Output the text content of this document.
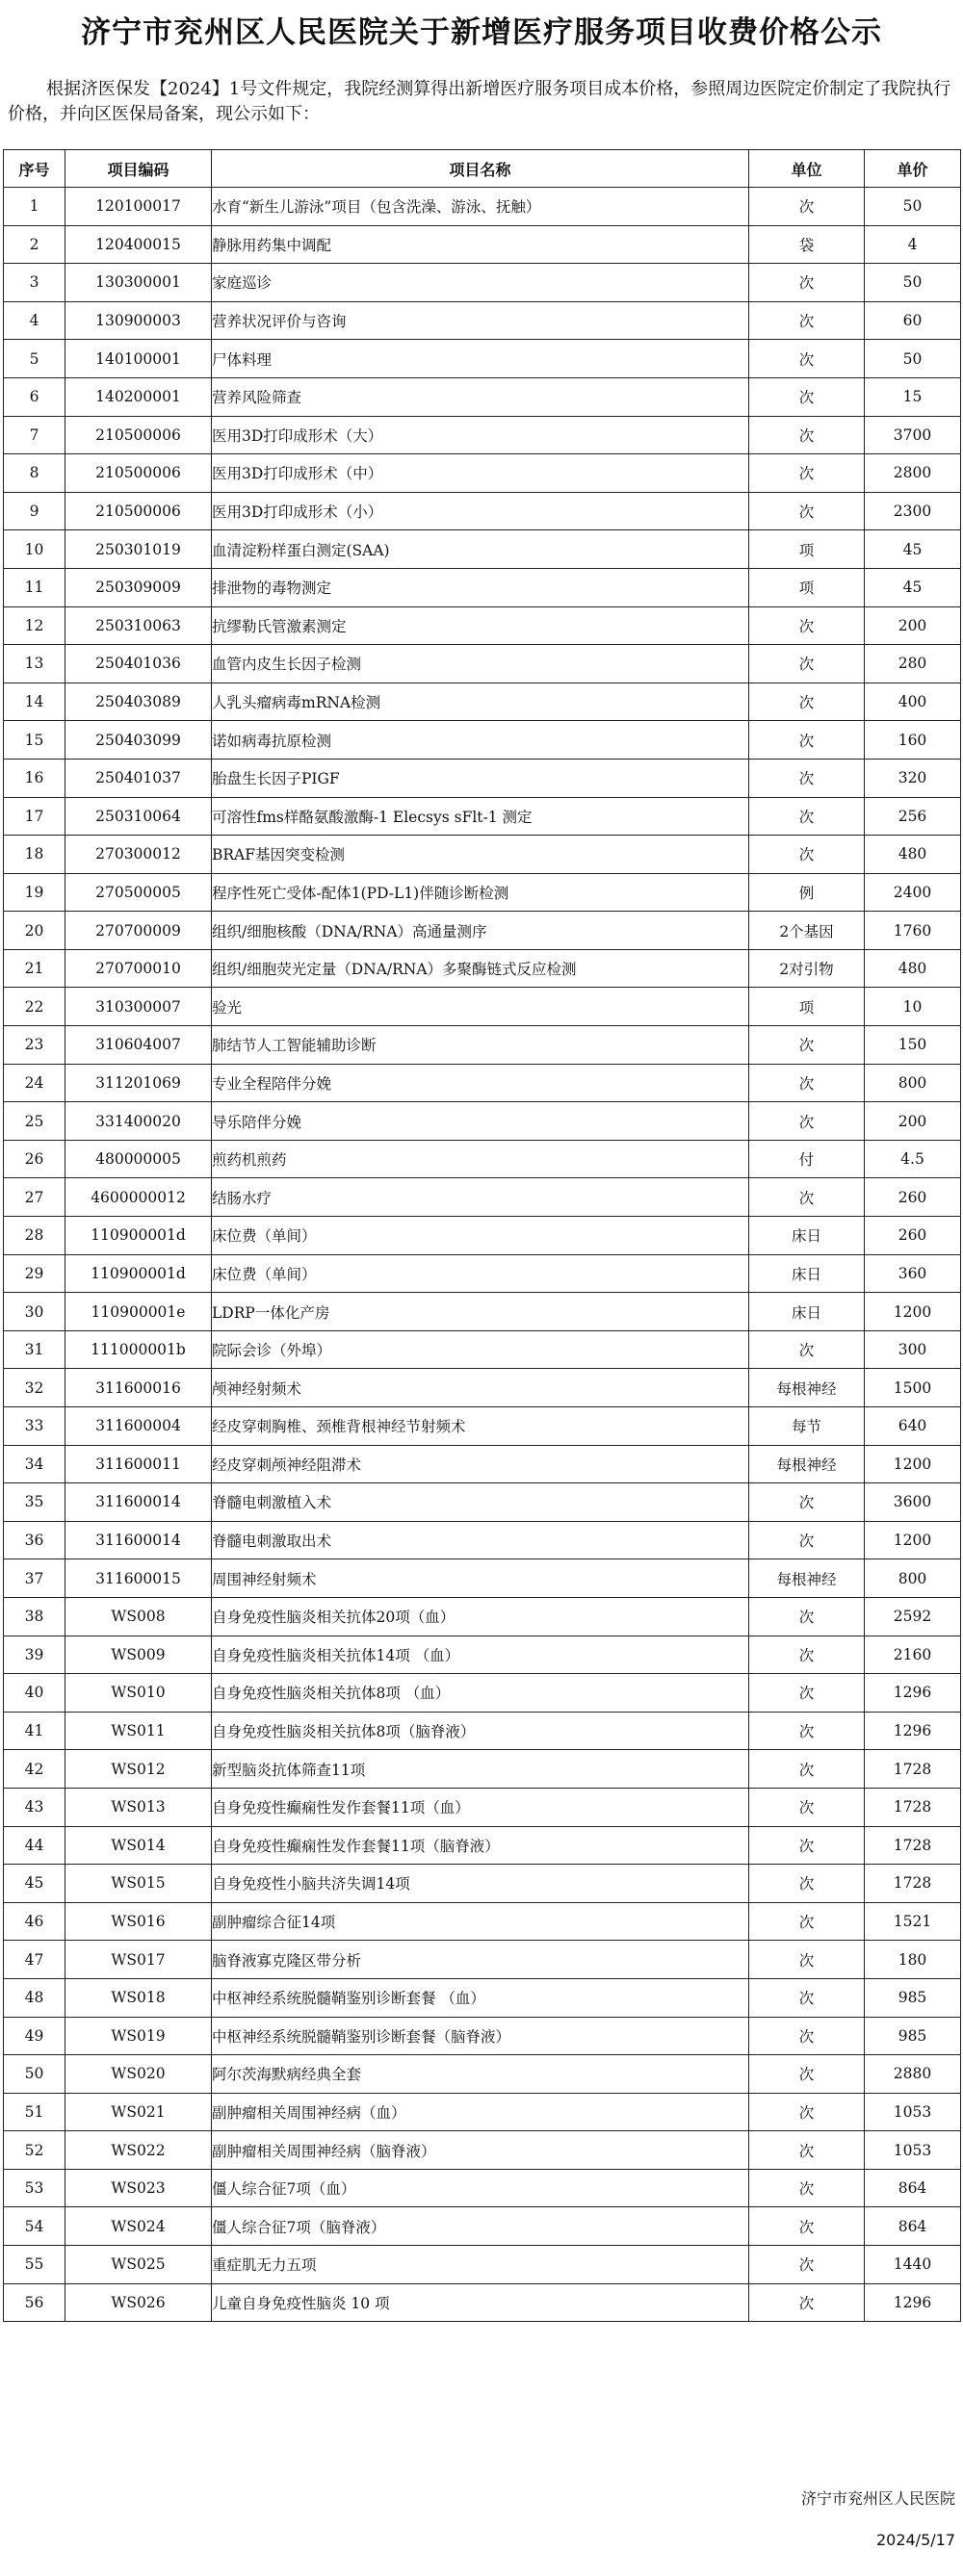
济宁市兖州区人民医院关于新增医疗服务项目收费价格公示
根据济医保发【2024】1号文件规定，我院经测算得出新增医疗服务项目成本价格，参照周边医院定价制定了我院执行价格，并向区医保局备案，现公示如下：
序号	项目编码	项目名称	单位	单价
1	120100017	水育“新生儿游泳”项目（包含洗澡、游泳、抚触）	次	50
2	120400015	静脉用药集中调配	袋	4
3	130300001	家庭巡诊	次	50
4	130900003	营养状况评价与咨询	次	60
5	140100001	尸体料理	次	50
6	140200001	营养风险筛查	次	15
7	210500006	医用3D打印成形术（大）	次	3700
8	210500006	医用3D打印成形术（中）	次	2800
9	210500006	医用3D打印成形术（小）	次	2300
10	250301019	血清淀粉样蛋白测定(SAA)	项	45
11	250309009	排泄物的毒物测定	项	45
12	250310063	抗缪勒氏管激素测定	次	200
13	250401036	血管内皮生长因子检测	次	280
14	250403089	人乳头瘤病毒mRNA检测	次	400
15	250403099	诺如病毒抗原检测	次	160
16	250401037	胎盘生长因子PIGF	次	320
17	250310064	可溶性fms样酪氨酸激酶-1 Elecsys sFlt-1 测定	次	256
18	270300012	BRAF基因突变检测	次	480
19	270500005	程序性死亡受体-配体1(PD-L1)伴随诊断检测	例	2400
20	270700009	组织/细胞核酸（DNA/RNA）高通量测序	2个基因	1760
21	270700010	组织/细胞荧光定量（DNA/RNA）多聚酶链式反应检测	2对引物	480
22	310300007	验光	项	10
23	310604007	肺结节人工智能辅助诊断	次	150
24	311201069	专业全程陪伴分娩	次	800
25	331400020	导乐陪伴分娩	次	200
26	480000005	煎药机煎药	付	4.5
27	4600000012	结肠水疗	次	260
28	110900001d	床位费（单间）	床日	260
29	110900001d	床位费（单间）	床日	360
30	110900001e	LDRP一体化产房	床日	1200
31	111000001b	院际会诊（外埠）	次	300
32	311600016	颅神经射频术	每根神经	1500
33	311600004	经皮穿刺胸椎、颈椎背根神经节射频术	每节	640
34	311600011	经皮穿刺颅神经阻滞术	每根神经	1200
35	311600014	脊髓电刺激植入术	次	3600
36	311600014	脊髓电刺激取出术	次	1200
37	311600015	周围神经射频术	每根神经	800
38	WS008	自身免疫性脑炎相关抗体20项（血）	次	2592
39	WS009	自身免疫性脑炎相关抗体14项 （血）	次	2160
40	WS010	自身免疫性脑炎相关抗体8项 （血）	次	1296
41	WS011	自身免疫性脑炎相关抗体8项（脑脊液）	次	1296
42	WS012	新型脑炎抗体筛查11项	次	1728
43	WS013	自身免疫性癫痫性发作套餐11项（血）	次	1728
44	WS014	自身免疫性癫痫性发作套餐11项（脑脊液）	次	1728
45	WS015	自身免疫性小脑共济失调14项	次	1728
46	WS016	副肿瘤综合征14项	次	1521
47	WS017	脑脊液寡克隆区带分析	次	180
48	WS018	中枢神经系统脱髓鞘鉴别诊断套餐 （血）	次	985
49	WS019	中枢神经系统脱髓鞘鉴别诊断套餐（脑脊液）	次	985
50	WS020	阿尔茨海默病经典全套	次	2880
51	WS021	副肿瘤相关周围神经病（血）	次	1053
52	WS022	副肿瘤相关周围神经病（脑脊液）	次	1053
53	WS023	僵人综合征7项（血）	次	864
54	WS024	僵人综合征7项（脑脊液）	次	864
55	WS025	重症肌无力五项	次	1440
56	WS026	儿童自身免疫性脑炎 10 项	次	1296
济宁市兖州区人民医院
2024/5/17
